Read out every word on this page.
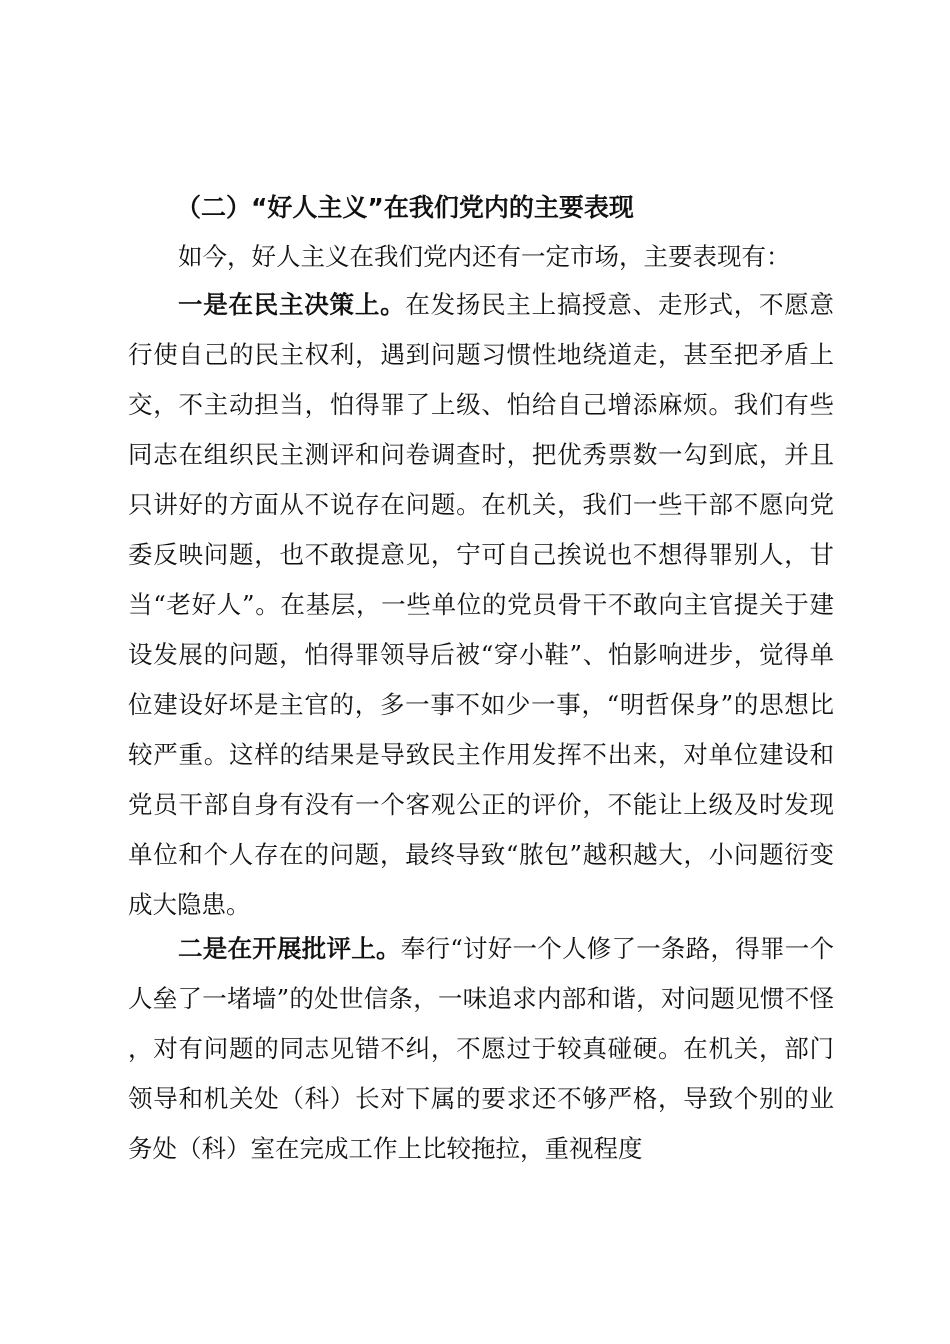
（二）“好人主义”在我们党内的主要表现

如今，好人主义在我们党内还有一定市场，主要表现有：

一是在民主决策上。在发扬民主上搞授意、走形式，不愿意行使自己的民主权利，遇到问题习惯性地绕道走，甚至把矛盾上交，不主动担当，怕得罪了上级、怕给自己增添麻烦。我们有些同志在组织民主测评和问卷调查时，把优秀票数一勾到底，并且只讲好的方面从不说存在问题。在机关，我们一些干部不愿向党委反映问题，也不敢提意见，宁可自己挨说也不想得罪别人，甘当“老好人”。在基层，一些单位的党员骨干不敢向主官提关于建设发展的问题，怕得罪领导后被“穿小鞋”、怕影响进步，觉得单位建设好坏是主官的，多一事不如少一事，“明哲保身”的思想比较严重。这样的结果是导致民主作用发挥不出来，对单位建设和党员干部自身有没有一个客观公正的评价，不能让上级及时发现单位和个人存在的问题，最终导致“脓包”越积越大，小问题衍变成大隐患。

二是在开展批评上。奉行“讨好一个人修了一条路，得罪一个人垒了一堵墙”的处世信条，一味追求内部和谐，对问题见惯不怪，对有问题的同志见错不纠，不愿过于较真碰硬。在机关，部门领导和机关处（科）长对下属的要求还不够严格，导致个别的业务处（科）室在完成工作上比较拖拉，重视程度
